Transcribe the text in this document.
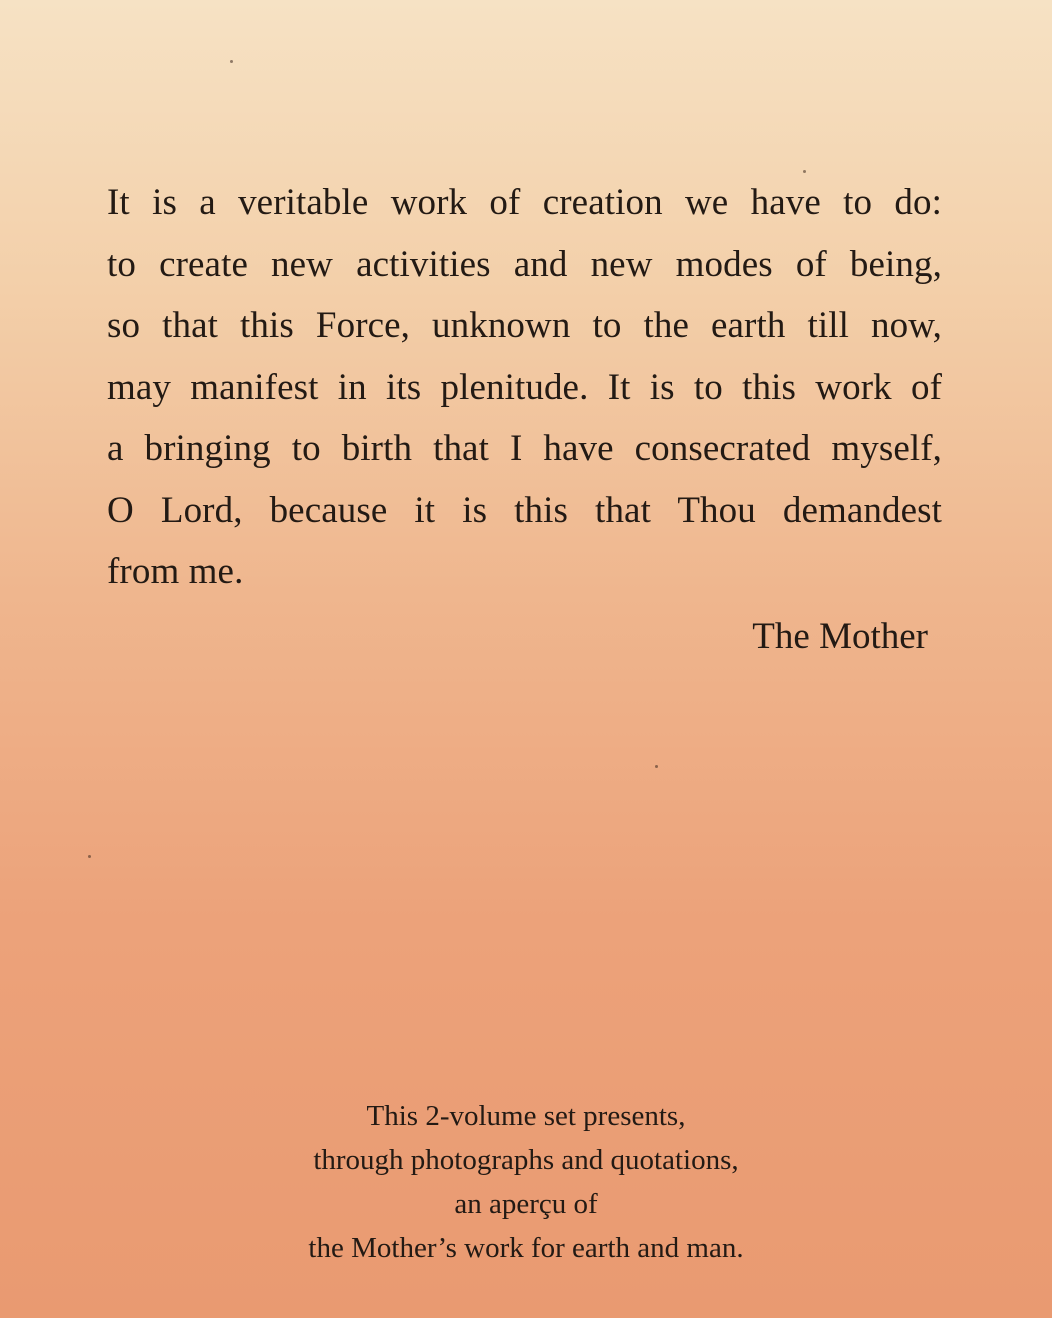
It is a veritable work of creation we have to do:
to create new activities and new modes of being,
so that this Force, unknown to the earth till now,
may manifest in its plenitude. It is to this work of
a bringing to birth that I have consecrated myself,
O Lord, because it is this that Thou demandest
from me.
The Mother
This 2-volume set presents,
through photographs and quotations,
an aperçu of
the Mother’s work for earth and man.
